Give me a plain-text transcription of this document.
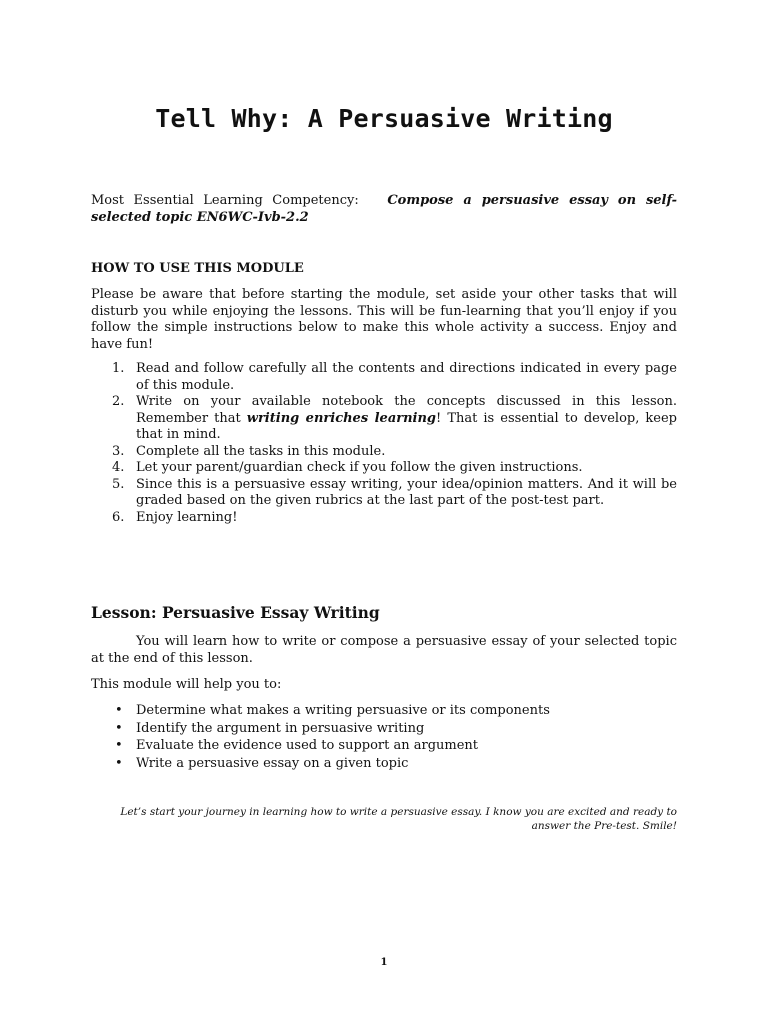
Tell Why: A Persuasive Writing

Most Essential Learning Competency: Compose a persuasive essay on self-selected topic EN6WC-Ivb-2.2

HOW TO USE THIS MODULE

Please be aware that before starting the module, set aside your other tasks that will disturb you while enjoying the lessons. This will be fun-learning that you’ll enjoy if you follow the simple instructions below to make this whole activity a success. Enjoy and have fun!

1. Read and follow carefully all the contents and directions indicated in every page of this module.
2. Write on your available notebook the concepts discussed in this lesson. Remember that writing enriches learning! That is essential to develop, keep that in mind.
3. Complete all the tasks in this module.
4. Let your parent/guardian check if you follow the given instructions.
5. Since this is a persuasive essay writing, your idea/opinion matters. And it will be graded based on the given rubrics at the last part of the post-test part.
6. Enjoy learning!
Lesson: Persuasive Essay Writing

You will learn how to write or compose a persuasive essay of your selected topic at the end of this lesson.

This module will help you to:

• Determine what makes a writing persuasive or its components
• Identify the argument in persuasive writing
• Evaluate the evidence used to support an argument
• Write a persuasive essay on a given topic

Let’s start your journey in learning how to write a persuasive essay. I know you are excited and ready to answer the Pre-test. Smile!

1
